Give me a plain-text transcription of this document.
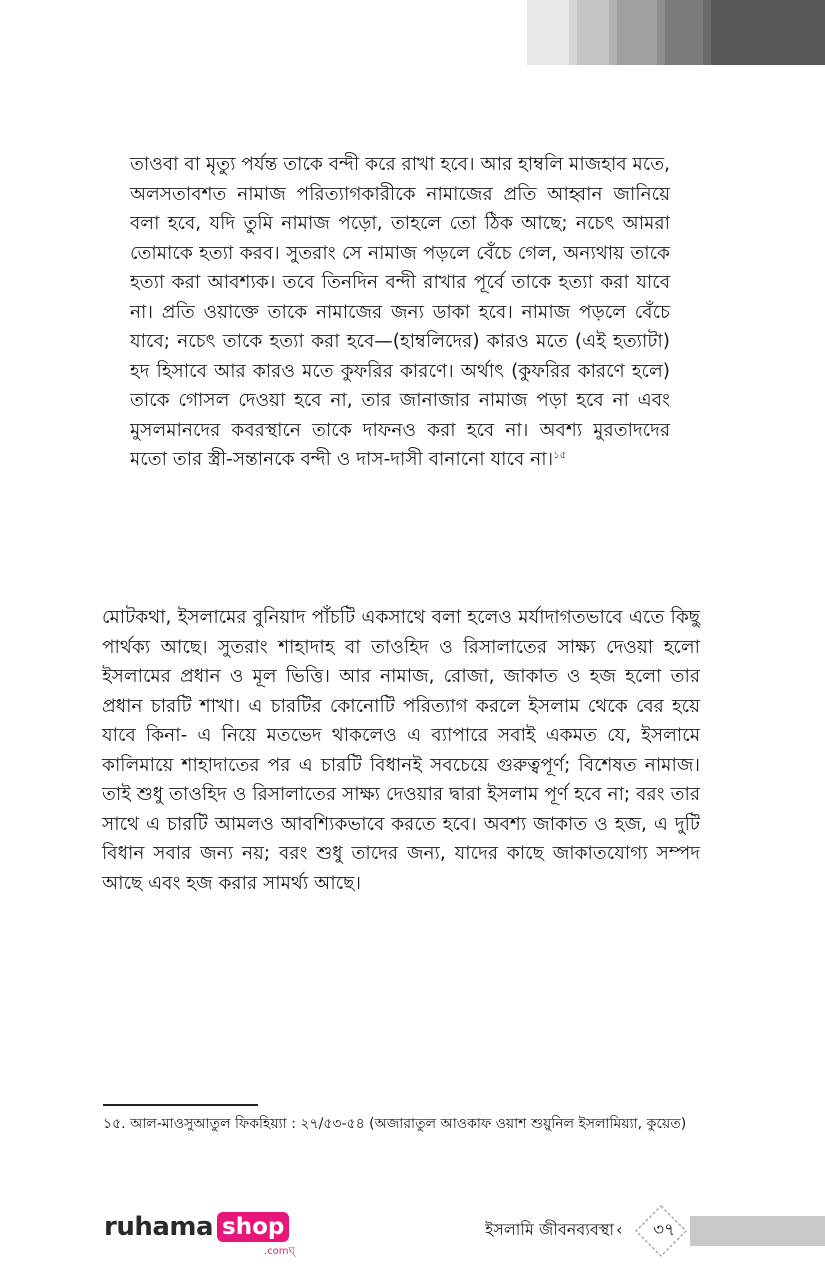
তাওবা বা মৃত্যু পর্যন্ত তাকে বন্দী করে রাখা হবে। আর হাম্বলি মাজহাব মতে, অলসতাবশত নামাজ পরিত্যাগকারীকে নামাজের প্রতি আহ্বান জানিয়ে বলা হবে, যদি তুমি নামাজ পড়ো, তাহলে তো ঠিক আছে; নচেৎ আমরা তোমাকে হত্যা করব। সুতরাং সে নামাজ পড়লে বেঁচে গেল, অন্যথায় তাকে হত্যা করা আবশ্যক। তবে তিনদিন বন্দী রাখার পূর্বে তাকে হত্যা করা যাবে না। প্রতি ওয়াক্তে তাকে নামাজের জন্য ডাকা হবে। নামাজ পড়লে বেঁচে যাবে; নচেৎ তাকে হত্যা করা হবে—(হাম্বলিদের) কারও মতে (এই হত্যাটা) হদ হিসাবে আর কারও মতে কুফরির কারণে। অর্থাৎ (কুফরির কারণে হলে) তাকে গোসল দেওয়া হবে না, তার জানাজার নামাজ পড়া হবে না এবং মুসলমানদের কবরস্থানে তাকে দাফনও করা হবে না। অবশ্য মুরতাদদের মতো তার স্ত্রী-সন্তানকে বন্দী ও দাস-দাসী বানানো যাবে না।$^{১৫}$

মোটকথা, ইসলামের বুনিয়াদ পাঁচটি একসাথে বলা হলেও মর্যাদাগতভাবে এতে কিছু পার্থক্য আছে। সুতরাং শাহাদাহ বা তাওহিদ ও রিসালাতের সাক্ষ্য দেওয়া হলো ইসলামের প্রধান ও মূল ভিত্তি। আর নামাজ, রোজা, জাকাত ও হজ হলো তার প্রধান চারটি শাখা। এ চারটির কোনোটি পরিত্যাগ করলে ইসলাম থেকে বের হয়ে যাবে কিনা- এ নিয়ে মতভেদ থাকলেও এ ব্যাপারে সবাই একমত যে, ইসলামে কালিমায়ে শাহাদাতের পর এ চারটি বিধানই সবচেয়ে গুরুত্বপূর্ণ; বিশেষত নামাজ। তাই শুধু তাওহিদ ও রিসালাতের সাক্ষ্য দেওয়ার দ্বারা ইসলাম পূর্ণ হবে না; বরং তার সাথে এ চারটি আমলও আবশ্যিকভাবে করতে হবে। অবশ্য জাকাত ও হজ, এ দুটি বিধান সবার জন্য নয়; বরং শুধু তাদের জন্য, যাদের কাছে জাকাতযোগ্য সম্পদ আছে এবং হজ করার সামর্থ্য আছে।

১৫. আল-মাওসুআতুল ফিকহিয়্যা : ২৭/৫৩-৫৪ (অজারাতুল আওকাফ ওয়াশ শুয়ুনিল ইসলামিয়্যা, কুয়েত)

ruhama shop
.comঘ্
ইসলামি জীবনব্যবস্থা ‹	৩৭
